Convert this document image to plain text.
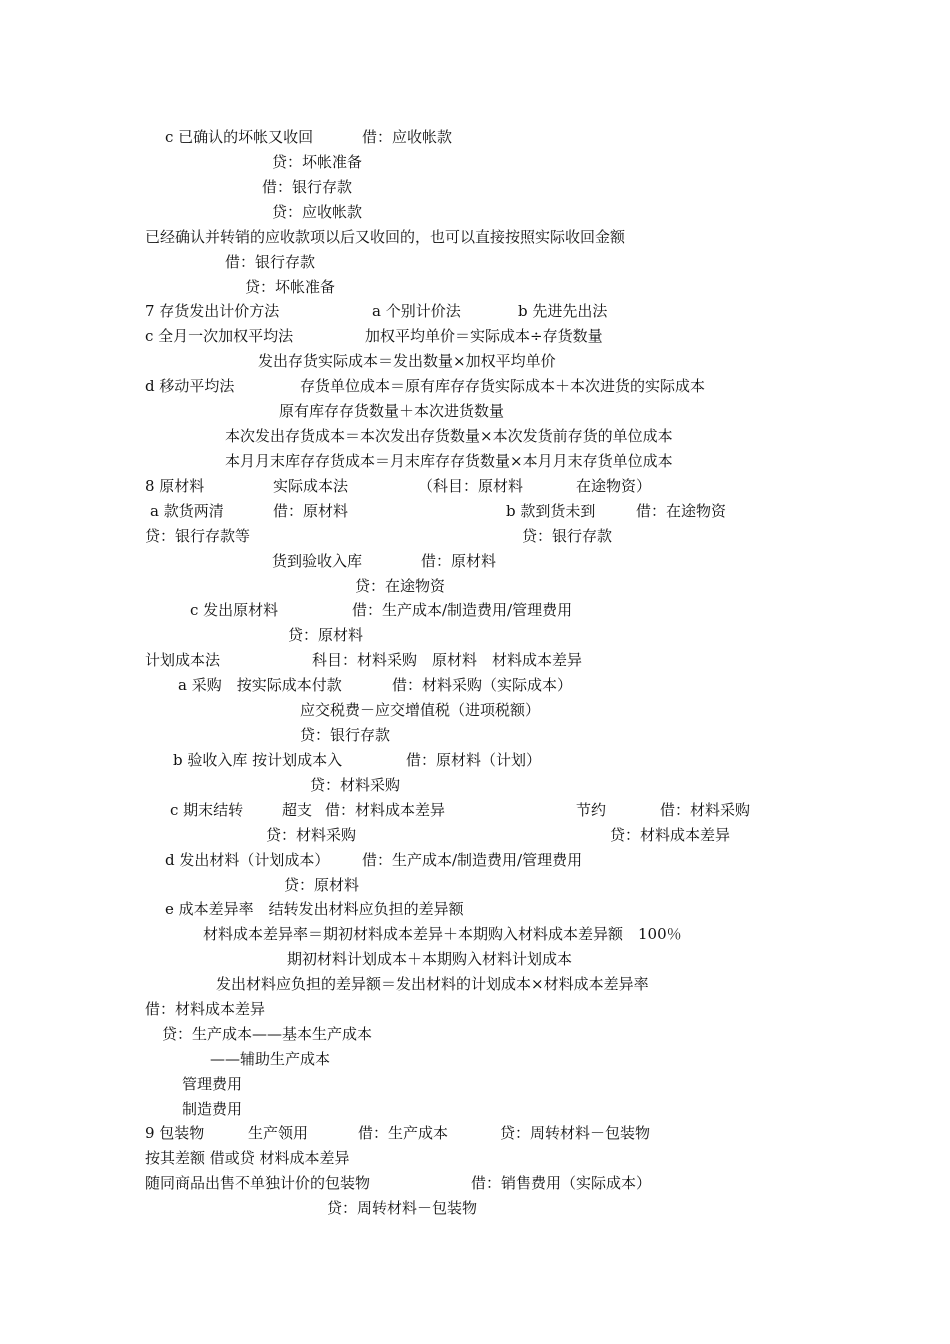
c 已确认的坏帐又收回	借：应收帐款
贷：坏帐准备
借：银行存款
贷：应收帐款
已经确认并转销的应收款项以后又收回的，也可以直接按照实际收回金额
借：银行存款
贷：坏帐准备
7 存货发出计价方法	a 个别计价法	b 先进先出法
c 全月一次加权平均法	加权平均单价＝实际成本÷存货数量
发出存货实际成本＝发出数量×加权平均单价
d 移动平均法	存货单位成本＝原有库存存货实际成本＋本次进货的实际成本
原有库存存货数量＋本次进货数量
本次发出存货成本＝本次发出存货数量×本次发货前存货的单位成本
本月月末库存存货成本＝月末库存存货数量×本月月末存货单位成本
8 原材料	实际成本法	（科目：原材料	在途物资）
a 款货两清	借：原材料	b 款到货未到	借：在途物资
贷：银行存款等	贷：银行存款
货到验收入库	借：原材料
贷：在途物资
c 发出原材料	借：生产成本/制造费用/管理费用
贷：原材料
计划成本法	科目：材料采购　原材料　材料成本差异
a 采购　按实际成本付款	借：材料采购（实际成本）
应交税费－应交增值税（进项税额）
贷：银行存款
b 验收入库 按计划成本入	借：原材料（计划）
贷：材料采购
c 期末结转	超支 借：材料成本差异	节约	借：材料采购
贷：材料采购	贷：材料成本差异
d 发出材料（计划成本） 借：生产成本/制造费用/管理费用
贷：原材料
e 成本差异率　结转发出材料应负担的差异额
材料成本差异率＝期初材料成本差异＋本期购入材料成本差异额　100％
期初材料计划成本＋本期购入材料计划成本
发出材料应负担的差异额＝发出材料的计划成本×材料成本差异率
借：材料成本差异
贷：生产成本——基本生产成本
——辅助生产成本
管理费用
制造费用
9 包装物	生产领用	借：生产成本	贷：周转材料－包装物
按其差额 借或贷 材料成本差异
随同商品出售不单独计价的包装物	借：销售费用（实际成本）
贷：周转材料－包装物
